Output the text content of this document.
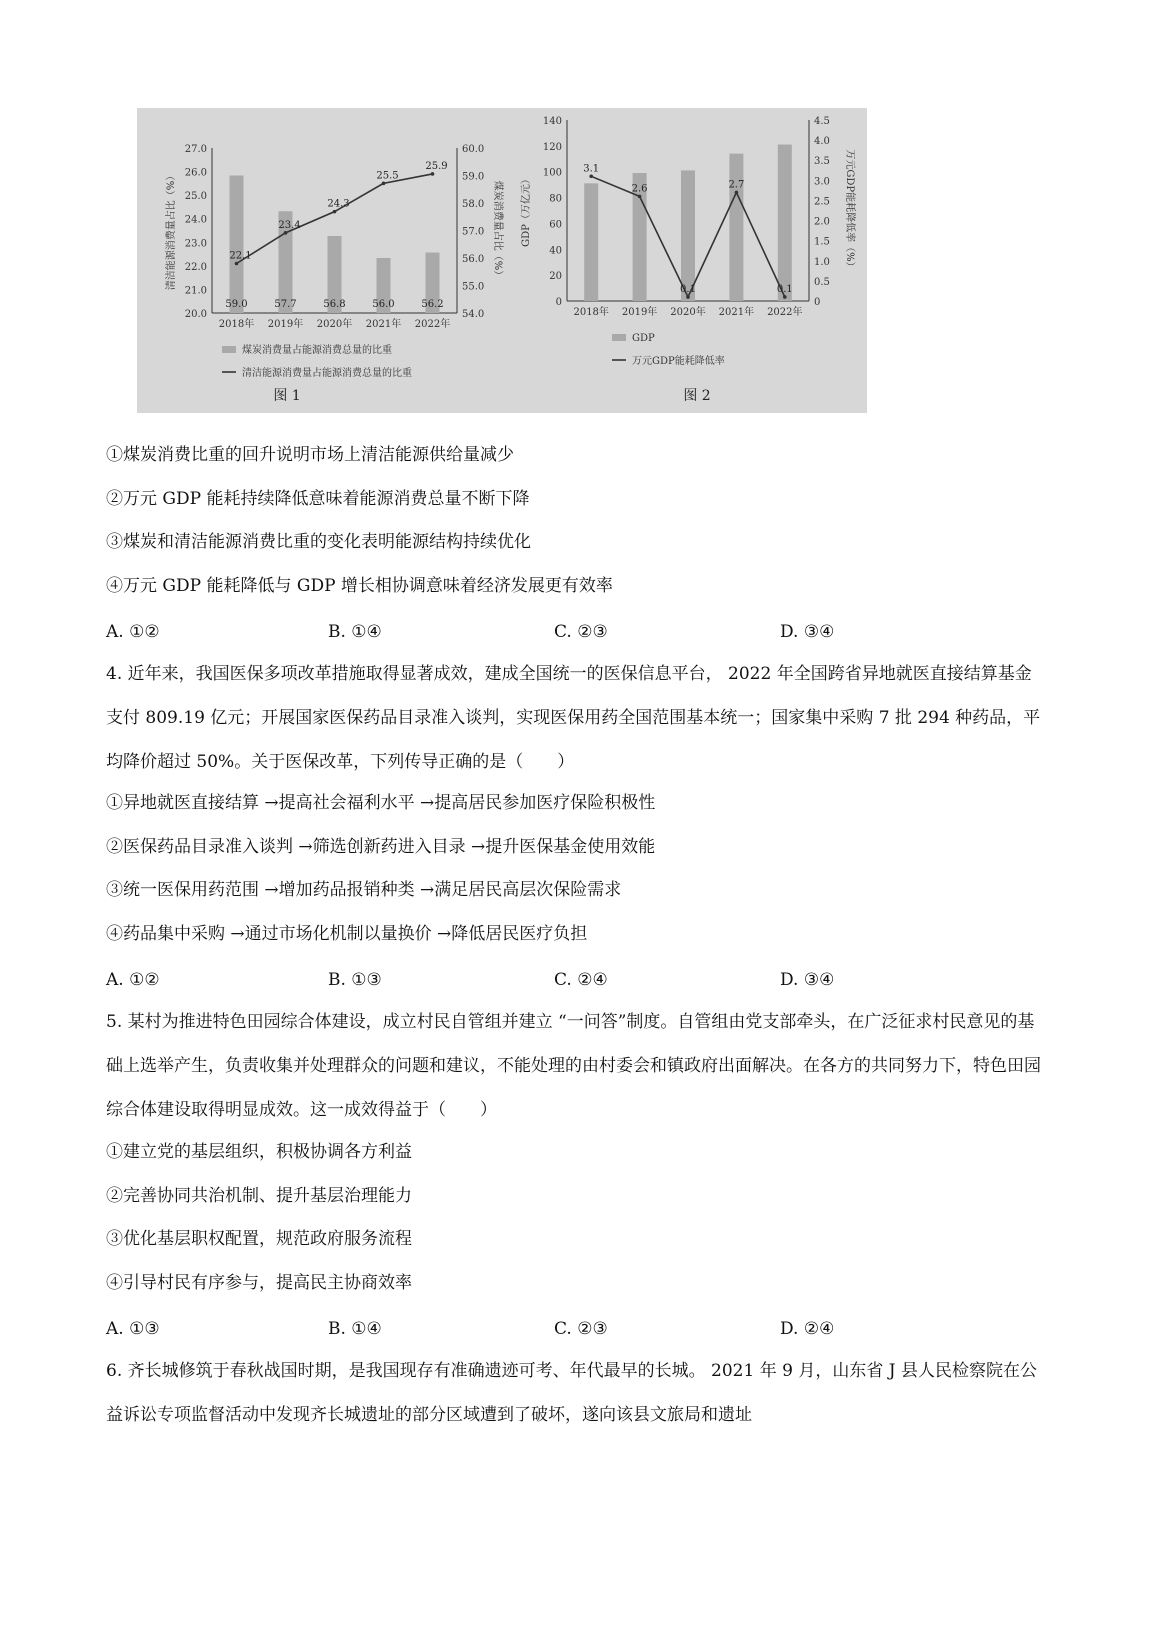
20.0
21.0
22.0
23.0
24.0
25.0
26.0
27.0
54.0
55.0
56.0
57.0
58.0
59.0
60.0
清洁能源消费量占比（%）	煤炭消费量占比（%）
59.0	57.7	56.8	56.0	56.2
2018年 2019年 2020年 2021年 2022年
22.1
23.4
24.3
25.5
25.9
煤炭消费量占能源消费总量的比重
清洁能源消费量占能源消费总量的比重
图 1
0
20
40
60
80
100
120
140
0
0.5
1.0
1.5
2.0
2.5
3.0
3.5
4.0
4.5
GDP（万亿元）	万元GDP能耗降低率（%）
2018年 2019年 2020年 2021年 2022年
3.1
2.6
0.1
2.7
0.1
GDP
万元GDP能耗降低率
图 2
①煤炭消费比重的回升说明市场上清洁能源供给量减少
②万元 GDP 能耗持续降低意味着能源消费总量不断下降
③煤炭和清洁能源消费比重的变化表明能源结构持续优化
④万元 GDP 能耗降低与 GDP 增长相协调意味着经济发展更有效率
A. ①②	B. ①④	C. ②③	D. ③④
4. 近年来，我国医保多项改革措施取得显著成效，建成全国统一的医保信息平台， 2022 年全国跨省异地就医直接结算基金支付 809.19 亿元；开展国家医保药品目录准入谈判，实现医保用药全国范围基本统一；国家集中采购 7 批 294 种药品，平均降价超过 50%。关于医保改革，下列传导正确的是（　　）
①异地就医直接结算 →提高社会福利水平 →提高居民参加医疗保险积极性
②医保药品目录准入谈判 →筛选创新药进入目录 →提升医保基金使用效能
③统一医保用药范围 →增加药品报销种类 →满足居民高层次保险需求
④药品集中采购 →通过市场化机制以量换价 →降低居民医疗负担
A. ①②	B. ①③	C. ②④	D. ③④
5. 某村为推进特色田园综合体建设，成立村民自管组并建立 “一问答”制度。自管组由党支部牵头，在广泛征求村民意见的基础上选举产生，负责收集并处理群众的问题和建议，不能处理的由村委会和镇政府出面解决。在各方的共同努力下，特色田园综合体建设取得明显成效。这一成效得益于（　　）
①建立党的基层组织，积极协调各方利益
②完善协同共治机制、提升基层治理能力
③优化基层职权配置，规范政府服务流程
④引导村民有序参与，提高民主协商效率
A. ①③	B. ①④	C. ②③	D. ②④
6. 齐长城修筑于春秋战国时期，是我国现存有准确遗迹可考、年代最早的长城。 2021 年 9 月，山东省 J 县人民检察院在公益诉讼专项监督活动中发现齐长城遗址的部分区域遭到了破坏，遂向该县文旅局和遗址
